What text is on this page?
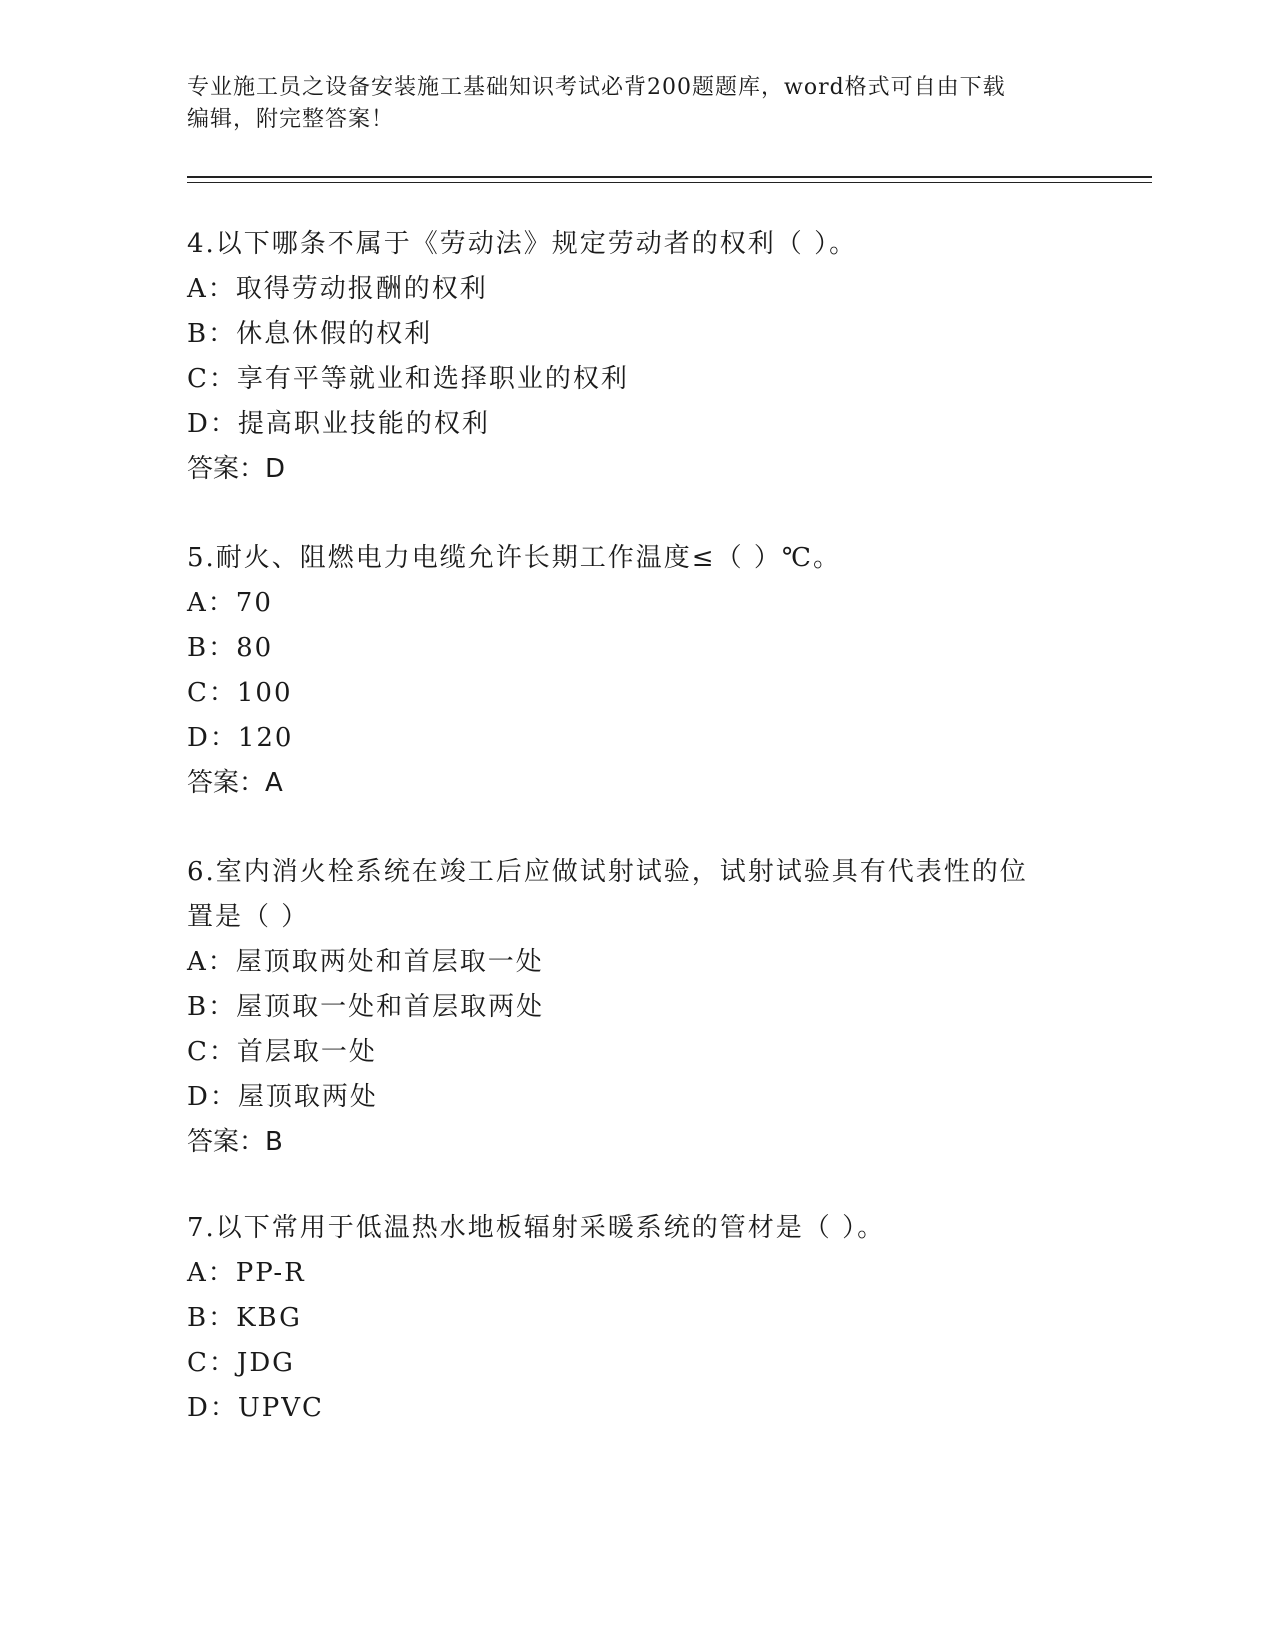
专业施工员之设备安装施工基础知识考试必背200题题库，word格式可自由下载
编辑，附完整答案！
4.以下哪条不属于《劳动法》规定劳动者的权利（ ）。
A：取得劳动报酬的权利
B：休息休假的权利
C：享有平等就业和选择职业的权利
D：提高职业技能的权利
答案：D
5.耐火、阻燃电力电缆允许长期工作温度≤（ ）℃。
A：70
B：80
C：100
D：120
答案：A
6.室内消火栓系统在竣工后应做试射试验，试射试验具有代表性的位
置是（ ）
A：屋顶取两处和首层取一处
B：屋顶取一处和首层取两处
C：首层取一处
D：屋顶取两处
答案：B
7.以下常用于低温热水地板辐射采暖系统的管材是（ ）。
A：PP-R
B：KBG
C：JDG
D：UPVC
